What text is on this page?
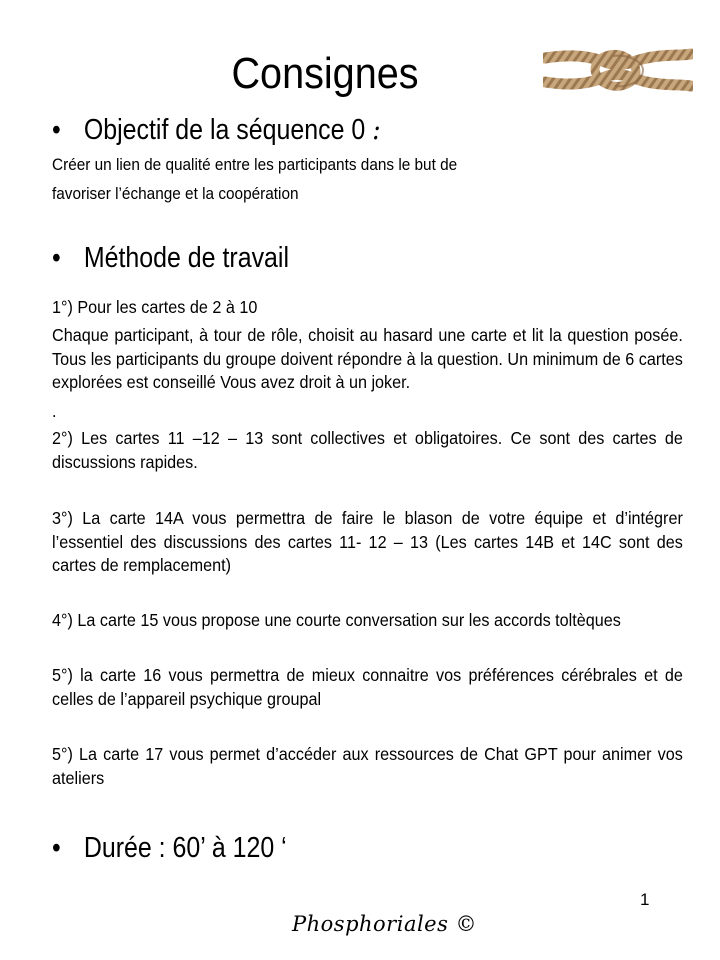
Consignes
• Objectif de la séquence 0 :
Créer un lien de qualité entre les participants dans le but de
favoriser l’échange et la coopération
• Méthode de travail
1°) Pour les cartes de 2 à 10
Chaque participant, à tour de rôle, choisit au hasard une carte et lit la question posée. Tous les participants du groupe doivent répondre à la question. Un minimum de 6 cartes explorées est conseillé Vous avez droit à un joker.
.
2°) Les cartes 11 –12 – 13 sont collectives et obligatoires. Ce sont des cartes de discussions rapides.
3°) La carte 14A vous permettra de faire le blason de votre équipe et d’intégrer l’essentiel des discussions des cartes 11- 12 – 13 (Les cartes 14B et 14C sont des cartes de remplacement)
4°) La carte 15 vous propose une courte conversation sur les accords toltèques
5°) la carte 16 vous permettra de mieux connaitre vos préférences cérébrales et de celles de l’appareil psychique groupal
5°) La carte 17 vous permet d’accéder aux ressources de Chat GPT pour animer vos ateliers
• Durée : 60’ à 120 ‘
1
Phosphoriales ©
